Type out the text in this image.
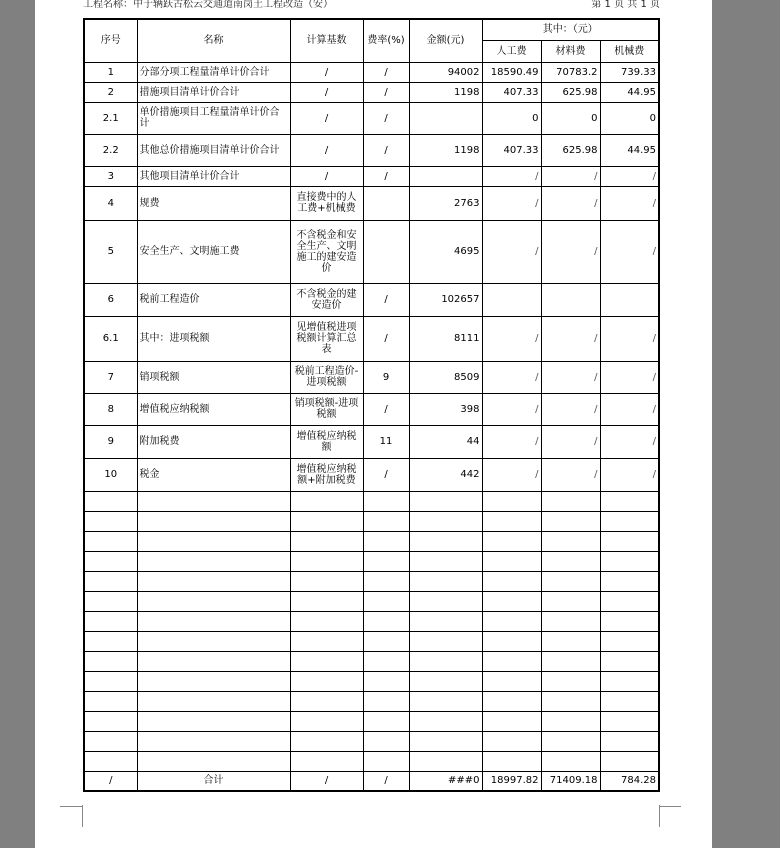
工程名称：中于辆跃古松云交通道南岗土工程改造（安）	第 1 页 共 1 页
序号	名称	计算基数	费率(%)	金额(元)	其中：（元）		
					人工费	材料费	机械费
1	分部分项工程量清单计价合计	/	/	94002	18590.49	70783.2	739.33
2	措施项目清单计价合计	/	/	1198	407.33	625.98	44.95
2.1	单价措施项目工程量清单计价合计	/	/		0	0	0
2.2	其他总价措施项目清单计价合计	/	/	1198	407.33	625.98	44.95
3	其他项目清单计价合计	/	/		/	/	/
4	规费	直接费中的人工费+机械费		2763	/	/	/
5	安全生产、文明施工费	不含税金和安全生产、文明施工的建安造价		4695	/	/	/
6	税前工程造价	不含税金的建安造价	/	102657			
6.1	其中：进项税额	见增值税进项税额计算汇总表	/	8111	/	/	/
7	销项税额	税前工程造价-进项税额	9	8509	/	/	/
8	增值税应纳税额	销项税额-进项税额	/	398	/	/	/
9	附加税费	增值税应纳税额	11	44	/	/	/
10	税金	增值税应纳税额+附加税费	/	442	/	/	/

/	合计	/	/	###0	18997.82	71409.18	784.28
